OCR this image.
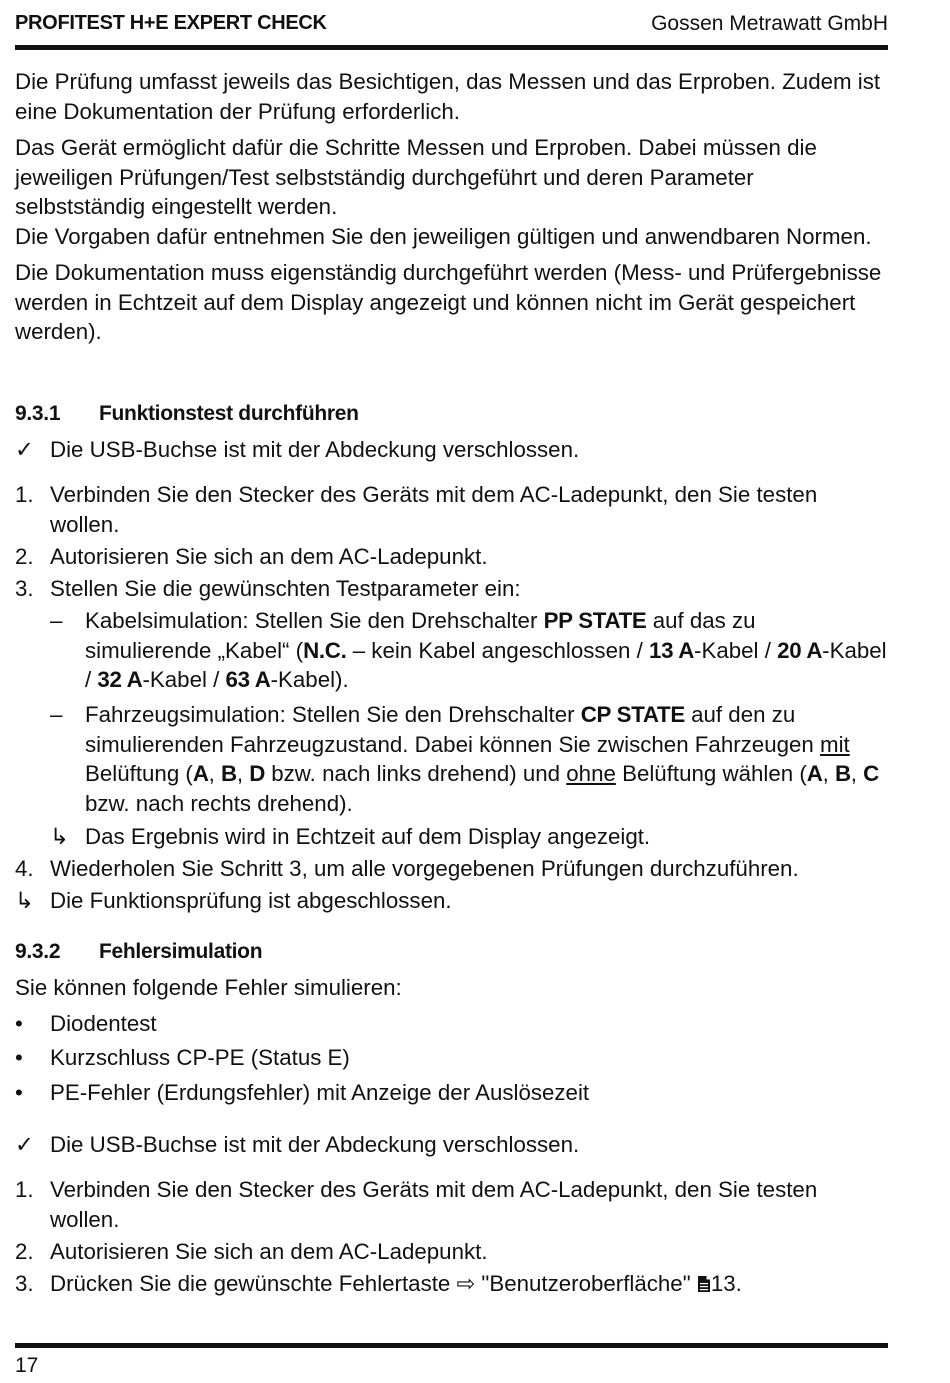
PROFITEST H+E EXPERT CHECK	Gossen Metrawatt GmbH

Die Prüfung umfasst jeweils das Besichtigen, das Messen und das Erproben. Zudem ist eine Dokumentation der Prüfung erforderlich.

Das Gerät ermöglicht dafür die Schritte Messen und Erproben. Dabei müssen die jeweiligen Prüfungen/Test selbstständig durchgeführt und deren Parameter selbstständig eingestellt werden.

Die Vorgaben dafür entnehmen Sie den jeweiligen gültigen und anwendbaren Normen.

Die Dokumentation muss eigenständig durchgeführt werden (Mess- und Prüfergebnisse werden in Echtzeit auf dem Display angezeigt und können nicht im Gerät gespeichert werden).

9.3.1 Funktionstest durchführen
✓ Die USB-Buchse ist mit der Abdeckung verschlossen.
1. Verbinden Sie den Stecker des Geräts mit dem AC-Ladepunkt, den Sie testen wollen.
2. Autorisieren Sie sich an dem AC-Ladepunkt.
3. Stellen Sie die gewünschten Testparameter ein:
–	Kabelsimulation: Stellen Sie den Drehschalter PP STATE auf das zu simulierende „Kabel“ (N.C. – kein Kabel angeschlossen / 13 A-Kabel / 20 A-Kabel / 32 A-Kabel / 63 A-Kabel).
–	Fahrzeugsimulation: Stellen Sie den Drehschalter CP STATE auf den zu simulierenden Fahrzeugzustand. Dabei können Sie zwischen Fahrzeugen mit Belüftung (A, B, D bzw. nach links drehend) und ohne Belüftung wählen (A, B, C bzw. nach rechts drehend).
↳ Das Ergebnis wird in Echtzeit auf dem Display angezeigt.
4. Wiederholen Sie Schritt 3, um alle vorgegebenen Prüfungen durchzuführen.
↳ Die Funktionsprüfung ist abgeschlossen.
9.3.2 Fehlersimulation
Sie können folgende Fehler simulieren:
•	Diodentest
•	Kurzschluss CP-PE (Status E)
•	PE-Fehler (Erdungsfehler) mit Anzeige der Auslösezeit
✓ Die USB-Buchse ist mit der Abdeckung verschlossen.
1. Verbinden Sie den Stecker des Geräts mit dem AC-Ladepunkt, den Sie testen wollen.
2. Autorisieren Sie sich an dem AC-Ladepunkt.
3. Drücken Sie die gewünschte Fehlertaste ⇨ "Benutzeroberfläche" 13.
17
